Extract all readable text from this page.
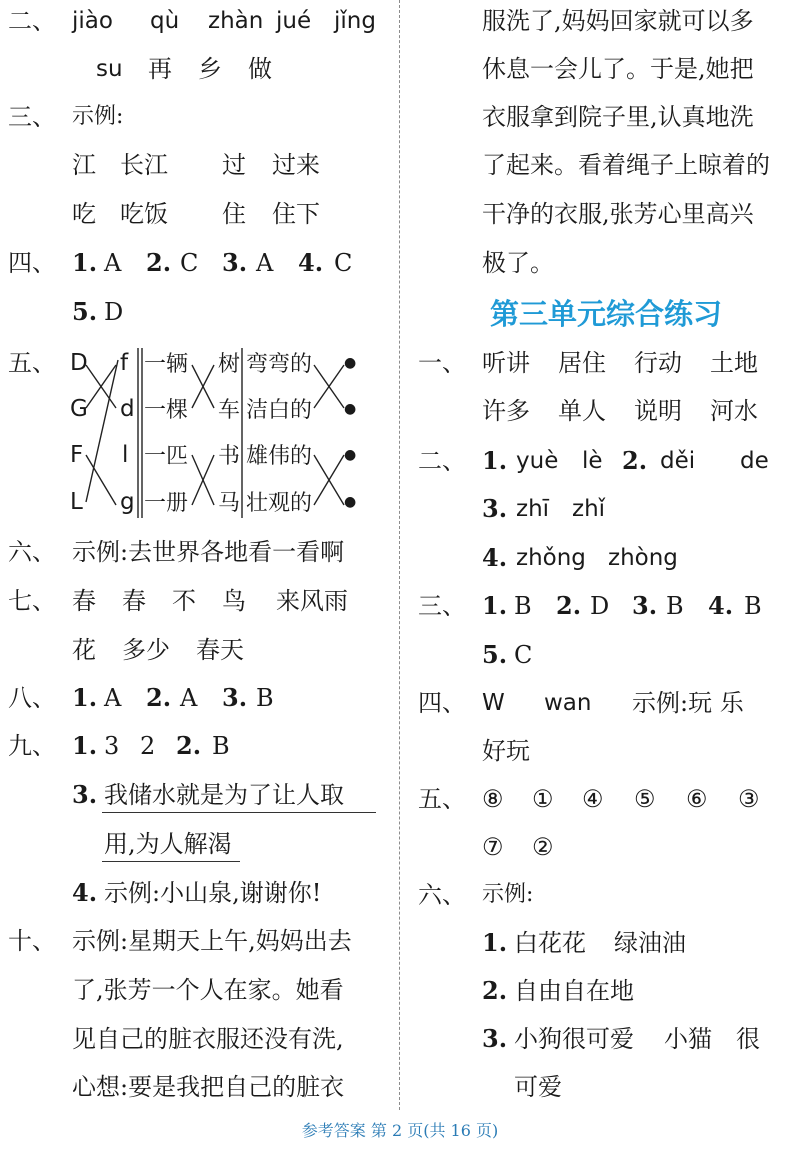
二、 jiào qù zhàn jué jǐng
su 再 乡 做
三、 示例:
江 长江 过 过来
吃 吃饭 住 住下
四、 1. A 2. C 3. A 4. C
5. D
五、 D
G
F
L
f
d
l
g
一辆
一棵
一匹
一册
树
车
书
马
弯弯的
洁白的
雄伟的
壮观的
●
●
●
●
六、 示例:去世界各地看一看啊
七、 春 春 不 鸟 来风雨
花 多少 春天
八、 1. A 2. A 3. B
九、 1. 3 2 2. B
3. 我储水就是为了让人取
用,为人解渴
4. 示例:小山泉,谢谢你!
十、 示例:星期天上午,妈妈出去
了,张芳一个人在家。她看
见自己的脏衣服还没有洗,
心想:要是我把自己的脏衣
服洗了,妈妈回家就可以多
休息一会儿了。于是,她把
衣服拿到院子里,认真地洗
了起来。看着绳子上晾着的
干净的衣服,张芳心里高兴
极了。
第三单元综合练习
一、 听讲 居住 行动 土地
许多 单人 说明 河水
二、 1. yuè lè 2. děi de
3. zhī zhǐ
4. zhǒng zhòng
三、 1. B 2. D 3. B 4. B
5. C
四、 W wan 示例:玩 乐
好玩
五、 ⑧ ① ④ ⑤ ⑥ ③
⑦ ②
六、 示例:
1. 白花花 绿油油
2. 自由自在地
3. 小狗很可爱 小猫 很
可爱
参考答案 第 2 页(共 16 页)
